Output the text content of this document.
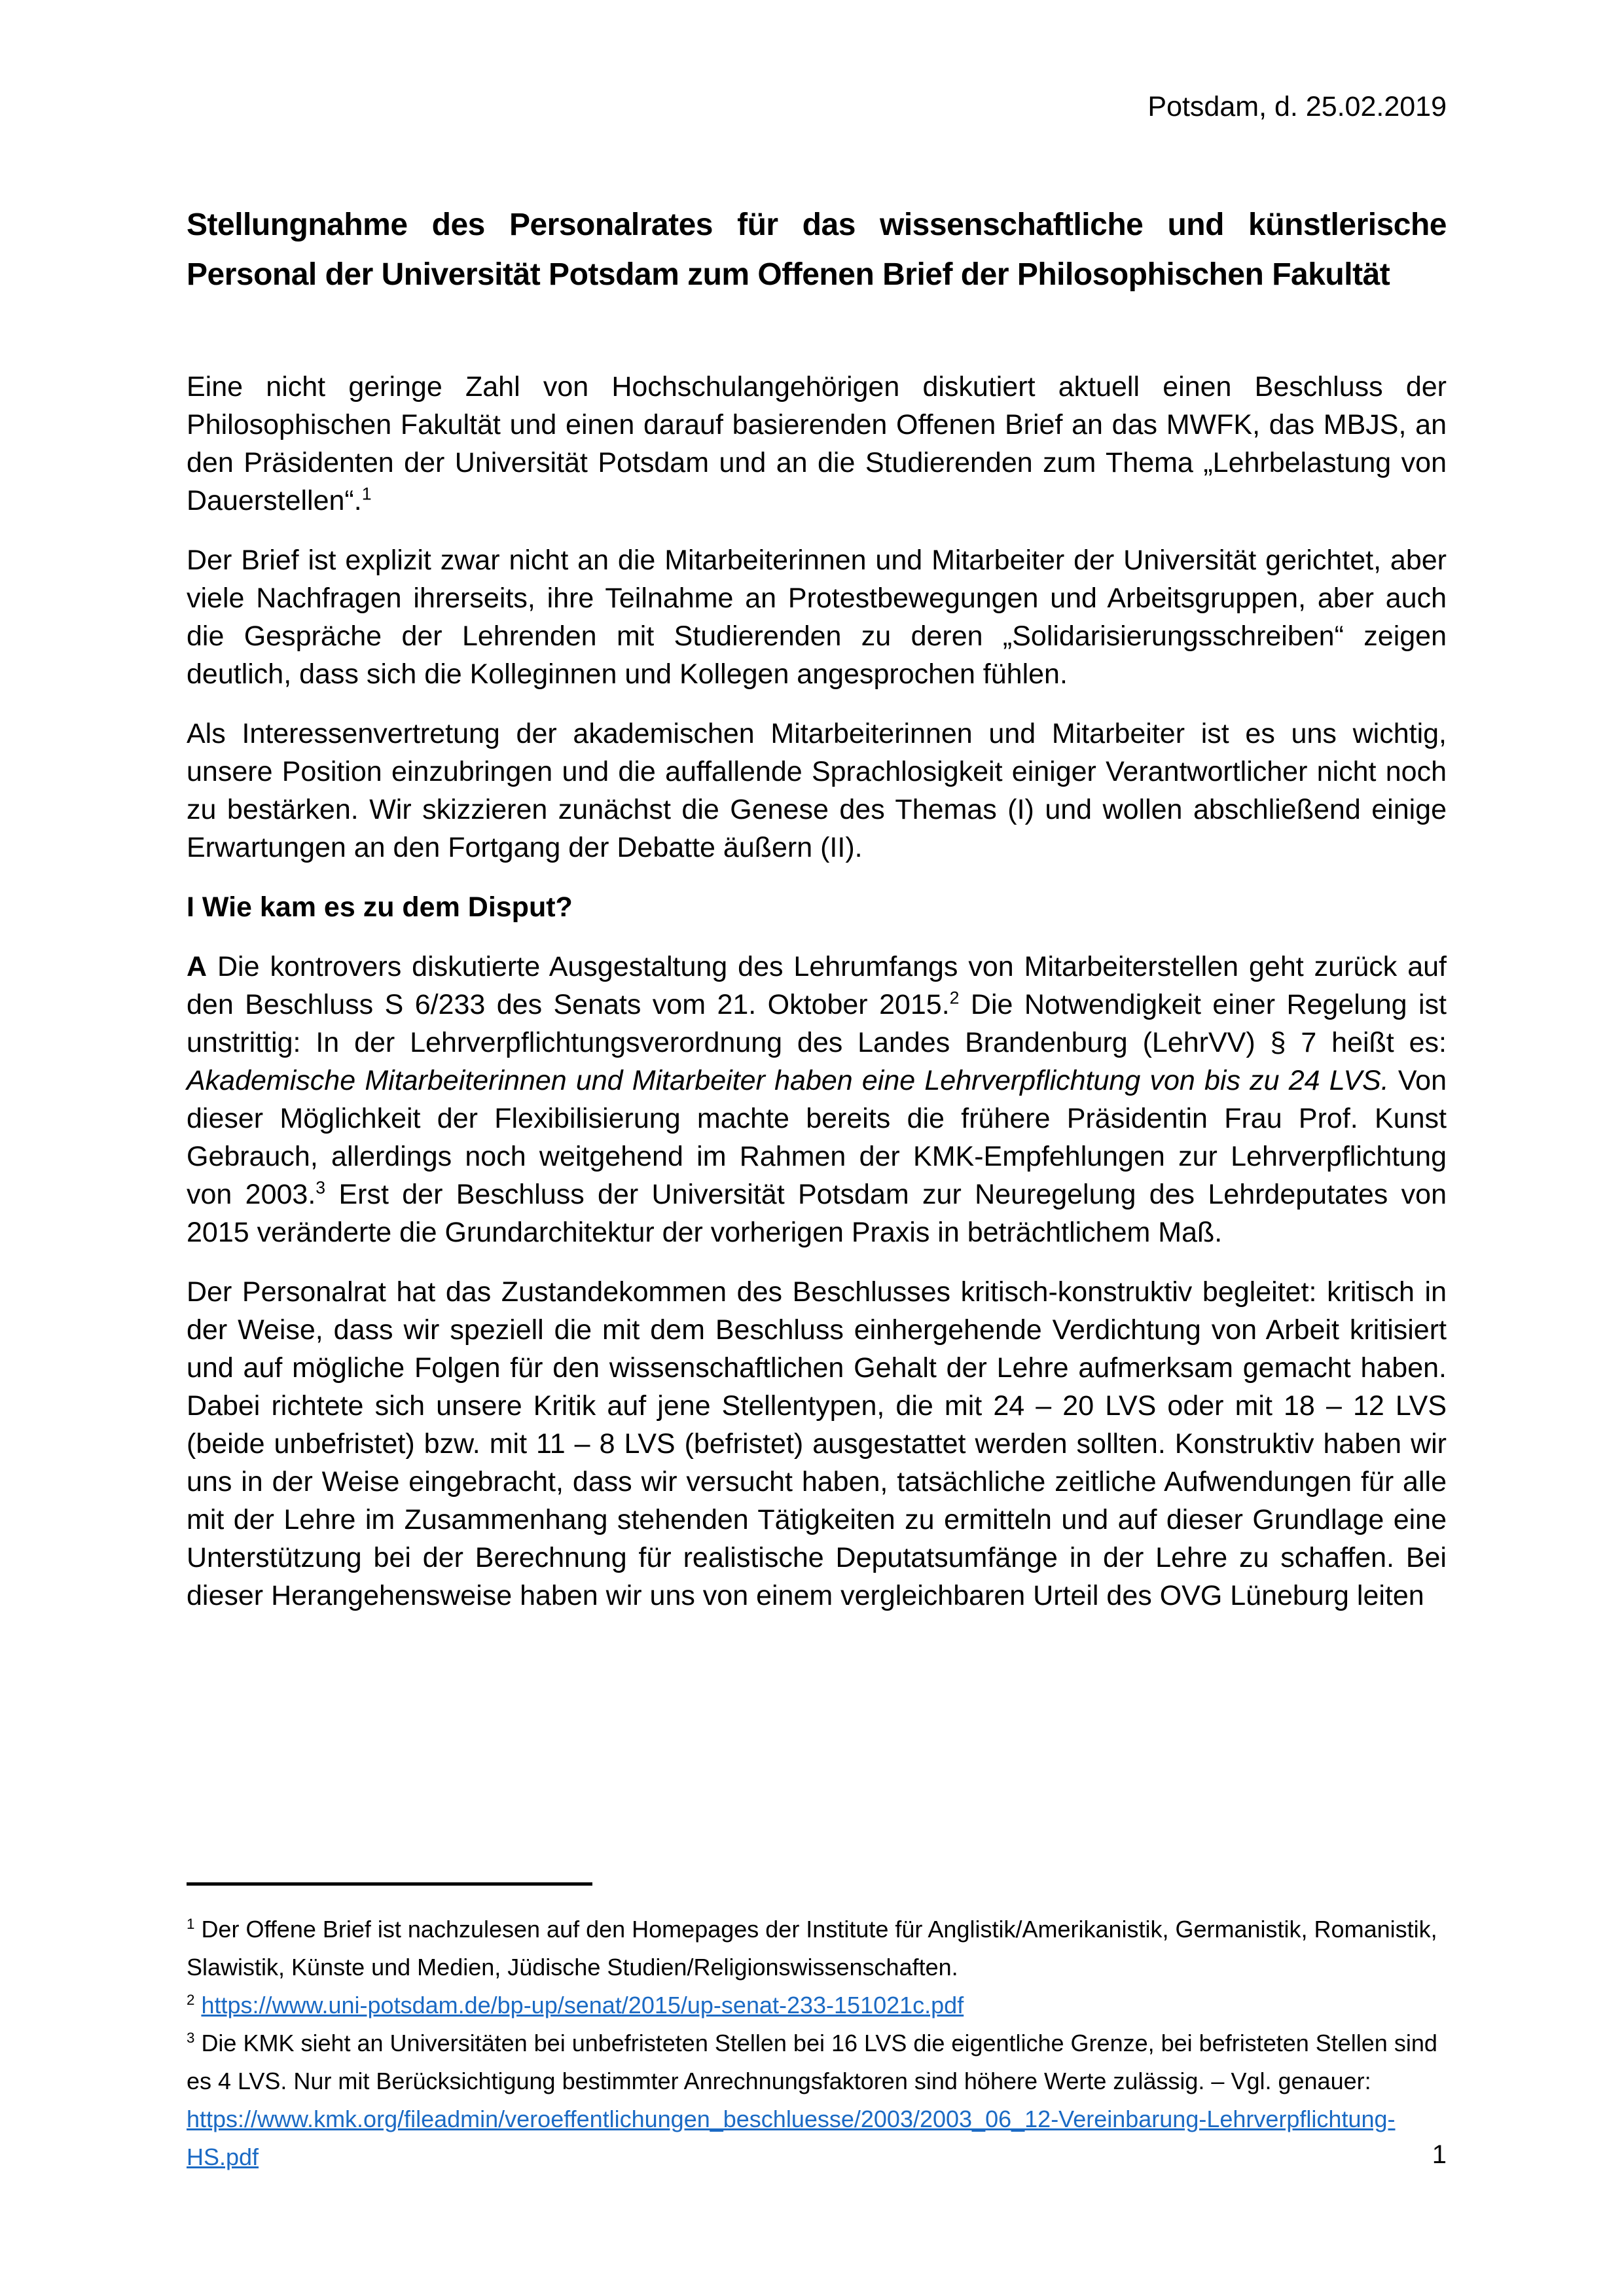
Potsdam, d. 25.02.2019
Stellungnahme des Personalrates für das wissenschaftliche und künstlerische Personal der Universität Potsdam zum Offenen Brief der Philosophischen Fakultät

Eine nicht geringe Zahl von Hochschulangehörigen diskutiert aktuell einen Beschluss der Philosophischen Fakultät und einen darauf basierenden Offenen Brief an das MWFK, das MBJS, an den Präsidenten der Universität Potsdam und an die Studierenden zum Thema „Lehrbelastung von Dauerstellen“.$^1$

Der Brief ist explizit zwar nicht an die Mitarbeiterinnen und Mitarbeiter der Universität gerichtet, aber viele Nachfragen ihrerseits, ihre Teilnahme an Protestbewegungen und Arbeitsgruppen, aber auch die Gespräche der Lehrenden mit Studierenden zu deren „Solidarisierungsschreiben“ zeigen deutlich, dass sich die Kolleginnen und Kollegen angesprochen fühlen.

Als Interessenvertretung der akademischen Mitarbeiterinnen und Mitarbeiter ist es uns wichtig, unsere Position einzubringen und die auffallende Sprachlosigkeit einiger Verantwortlicher nicht noch zu bestärken. Wir skizzieren zunächst die Genese des Themas (I) und wollen abschließend einige Erwartungen an den Fortgang der Debatte äußern (II).

I Wie kam es zu dem Disput?

A Die kontrovers diskutierte Ausgestaltung des Lehrumfangs von Mitarbeiterstellen geht zurück auf den Beschluss S 6/233 des Senats vom 21. Oktober 2015.$^2$ Die Notwendigkeit einer Regelung ist unstrittig: In der Lehrverpflichtungsverordnung des Landes Brandenburg (LehrVV) § 7 heißt es: Akademische Mitarbeiterinnen und Mitarbeiter haben eine Lehrverpflichtung von bis zu 24 LVS. Von dieser Möglichkeit der Flexibilisierung machte bereits die frühere Präsidentin Frau Prof. Kunst Gebrauch, allerdings noch weitgehend im Rahmen der KMK-Empfehlungen zur Lehrverpflichtung von 2003.$^3$ Erst der Beschluss der Universität Potsdam zur Neuregelung des Lehrdeputates von 2015 veränderte die Grundarchitektur der vorherigen Praxis in beträchtlichem Maß.

Der Personalrat hat das Zustandekommen des Beschlusses kritisch-konstruktiv begleitet: kritisch in der Weise, dass wir speziell die mit dem Beschluss einhergehende Verdichtung von Arbeit kritisiert und auf mögliche Folgen für den wissenschaftlichen Gehalt der Lehre aufmerksam gemacht haben. Dabei richtete sich unsere Kritik auf jene Stellentypen, die mit 24 – 20 LVS oder mit 18 – 12 LVS (beide unbefristet) bzw. mit 11 – 8 LVS (befristet) ausgestattet werden sollten. Konstruktiv haben wir uns in der Weise eingebracht, dass wir versucht haben, tatsächliche zeitliche Aufwendungen für alle mit der Lehre im Zusammenhang stehenden Tätigkeiten zu ermitteln und auf dieser Grundlage eine Unterstützung bei der Berechnung für realistische Deputatsumfänge in der Lehre zu schaffen. Bei dieser Herangehensweise haben wir uns von einem vergleichbaren Urteil des OVG Lüneburg leiten

$^1$ Der Offene Brief ist nachzulesen auf den Homepages der Institute für Anglistik/Amerikanistik, Germanistik, Romanistik, Slawistik, Künste und Medien, Jüdische Studien/Religionswissenschaften.
$^2$ https://www.uni-potsdam.de/bp-up/senat/2015/up-senat-233-151021c.pdf
$^3$ Die KMK sieht an Universitäten bei unbefristeten Stellen bei 16 LVS die eigentliche Grenze, bei befristeten Stellen sind es 4 LVS. Nur mit Berücksichtigung bestimmter Anrechnungsfaktoren sind höhere Werte zulässig. – Vgl. genauer: https://www.kmk.org/fileadmin/veroeffentlichungen_beschluesse/2003/2003_06_12-Vereinbarung-Lehrverpflichtung-HS.pdf	1
